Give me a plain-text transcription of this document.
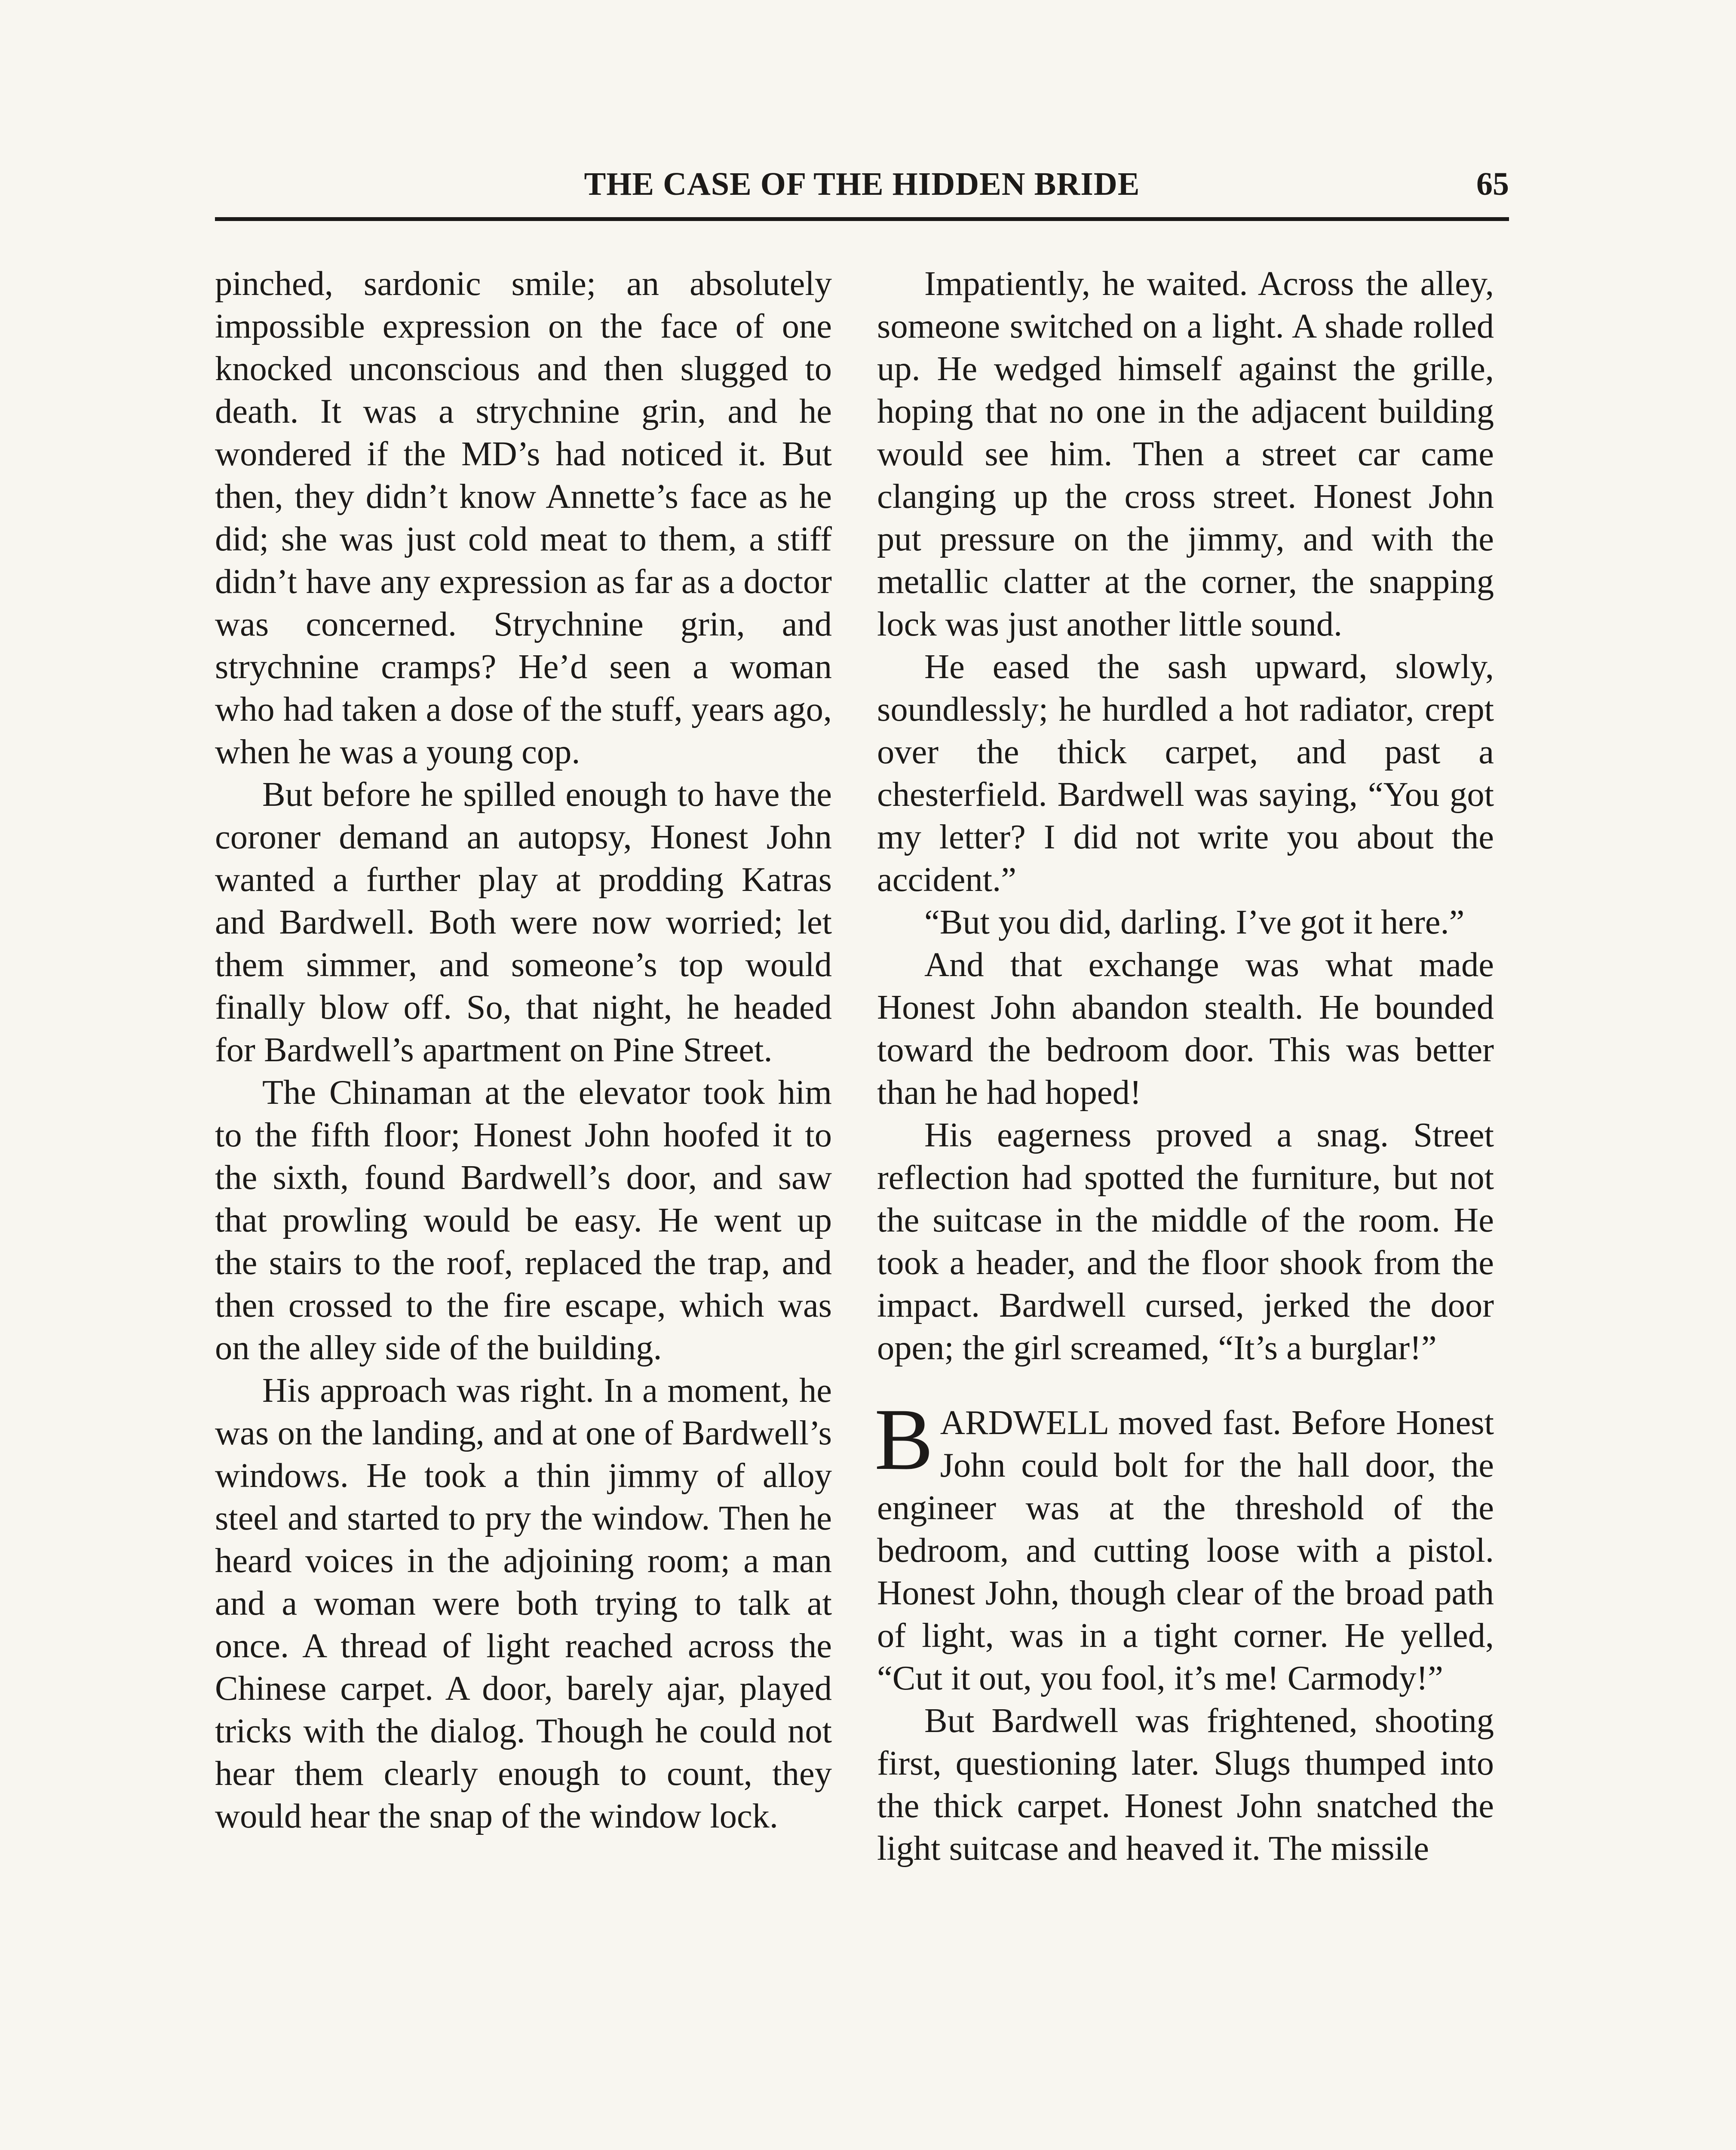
THE CASE OF THE HIDDEN BRIDE	65

pinched, sardonic smile; an absolutely impossible expression on the face of one knocked unconscious and then slugged to death. It was a strychnine grin, and he wondered if the MD’s had noticed it. But then, they didn’t know Annette’s face as he did; she was just cold meat to them, a stiff didn’t have any expression as far as a doctor was concerned. Strychnine grin, and strychnine cramps? He’d seen a woman who had taken a dose of the stuff, years ago, when he was a young cop.

But before he spilled enough to have the coroner demand an autopsy, Honest John wanted a further play at prodding Katras and Bardwell. Both were now worried; let them simmer, and someone’s top would finally blow off. So, that night, he headed for Bardwell’s apartment on Pine Street.

The Chinaman at the elevator took him to the fifth floor; Honest John hoofed it to the sixth, found Bardwell’s door, and saw that prowling would be easy. He went up the stairs to the roof, replaced the trap, and then crossed to the fire escape, which was on the alley side of the building.

His approach was right. In a moment, he was on the landing, and at one of Bardwell’s windows. He took a thin jimmy of alloy steel and started to pry the window. Then he heard voices in the adjoining room; a man and a woman were both trying to talk at once. A thread of light reached across the Chinese carpet. A door, barely ajar, played tricks with the dialog. Though he could not hear them clearly enough to count, they would hear the snap of the window lock.

Impatiently, he waited. Across the alley, someone switched on a light. A shade rolled up. He wedged himself against the grille, hoping that no one in the adjacent building would see him. Then a street car came clanging up the cross street. Honest John put pressure on the jimmy, and with the metallic clatter at the corner, the snapping lock was just another little sound.

He eased the sash upward, slowly, soundlessly; he hurdled a hot radiator, crept over the thick carpet, and past a chesterfield. Bardwell was saying, “You got my letter? I did not write you about the accident.”

“But you did, darling. I’ve got it here.”

And that exchange was what made Honest John abandon stealth. He bounded toward the bedroom door. This was better than he had hoped!

His eagerness proved a snag. Street reflection had spotted the furniture, but not the suitcase in the middle of the room. He took a header, and the floor shook from the impact. Bardwell cursed, jerked the door open; the girl screamed, “It’s a burglar!”

BARDWELL moved fast. Before Honest John could bolt for the hall door, the engineer was at the threshold of the bedroom, and cutting loose with a pistol. Honest John, though clear of the broad path of light, was in a tight corner. He yelled, “Cut it out, you fool, it’s me! Carmody!”

But Bardwell was frightened, shooting first, questioning later. Slugs thumped into the thick carpet. Honest John snatched the light suitcase and heaved it. The missile
